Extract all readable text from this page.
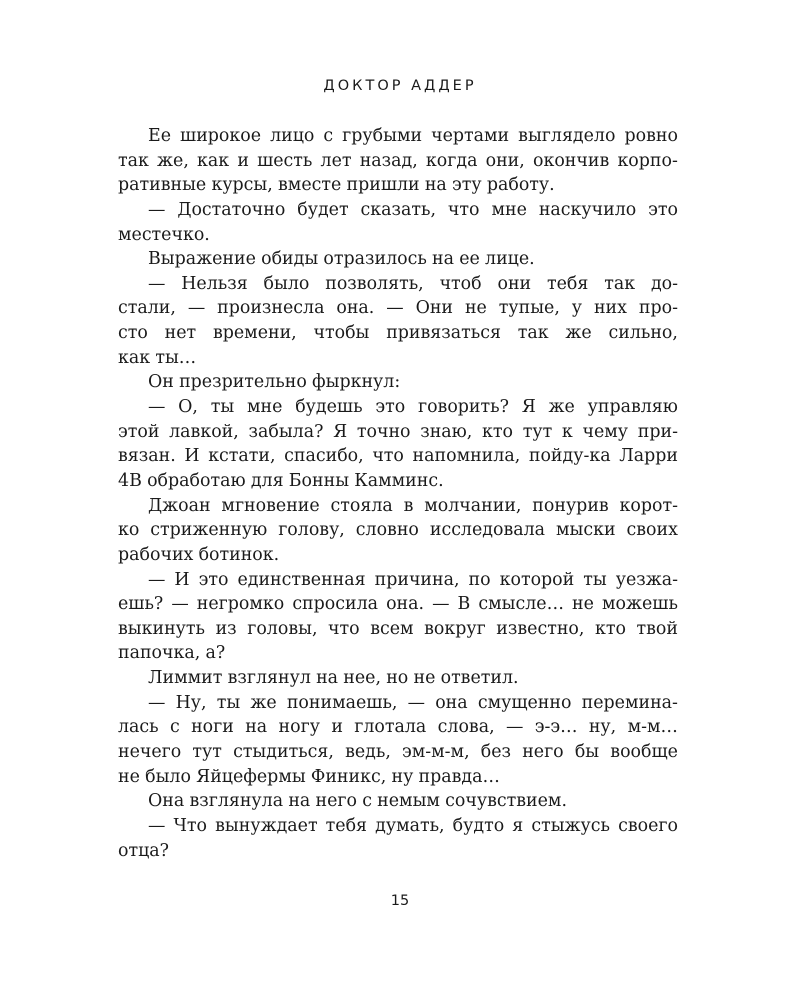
ДОКТОР АДДЕР
Ее широкое лицо с грубыми чертами выглядело ровно
так же, как и шесть лет назад, когда они, окончив корпо-
ративные курсы, вместе пришли на эту работу.
— Достаточно будет сказать, что мне наскучило это
местечко.
Выражение обиды отразилось на ее лице.
— Нельзя было позволять, чтоб они тебя так до-
стали, — произнесла она. — Они не тупые, у них про-
сто нет времени, чтобы привязаться так же сильно,
как ты…
Он презрительно фыркнул:
— О, ты мне будешь это говорить? Я же управляю
этой лавкой, забыла? Я точно знаю, кто тут к чему при-
вязан. И кстати, спасибо, что напомнила, пойду-ка Ларри
4В обработаю для Бонны Камминс.
Джоан мгновение стояла в молчании, понурив корот-
ко стриженную голову, словно исследовала мыски своих
рабочих ботинок.
— И это единственная причина, по которой ты уезжа-
ешь? — негромко спросила она. — В смысле… не можешь
выкинуть из головы, что всем вокруг известно, кто твой
папочка, а?
Лиммит взглянул на нее, но не ответил.
— Ну, ты же понимаешь, — она смущенно перемина-
лась с ноги на ногу и глотала слова, — э-э… ну, м-м…
нечего тут стыдиться, ведь, эм-м-м, без него бы вообще
не было Яйцефермы Финикс, ну правда…
Она взглянула на него с немым сочувствием.
— Что вынуждает тебя думать, будто я стыжусь своего
отца?
15
